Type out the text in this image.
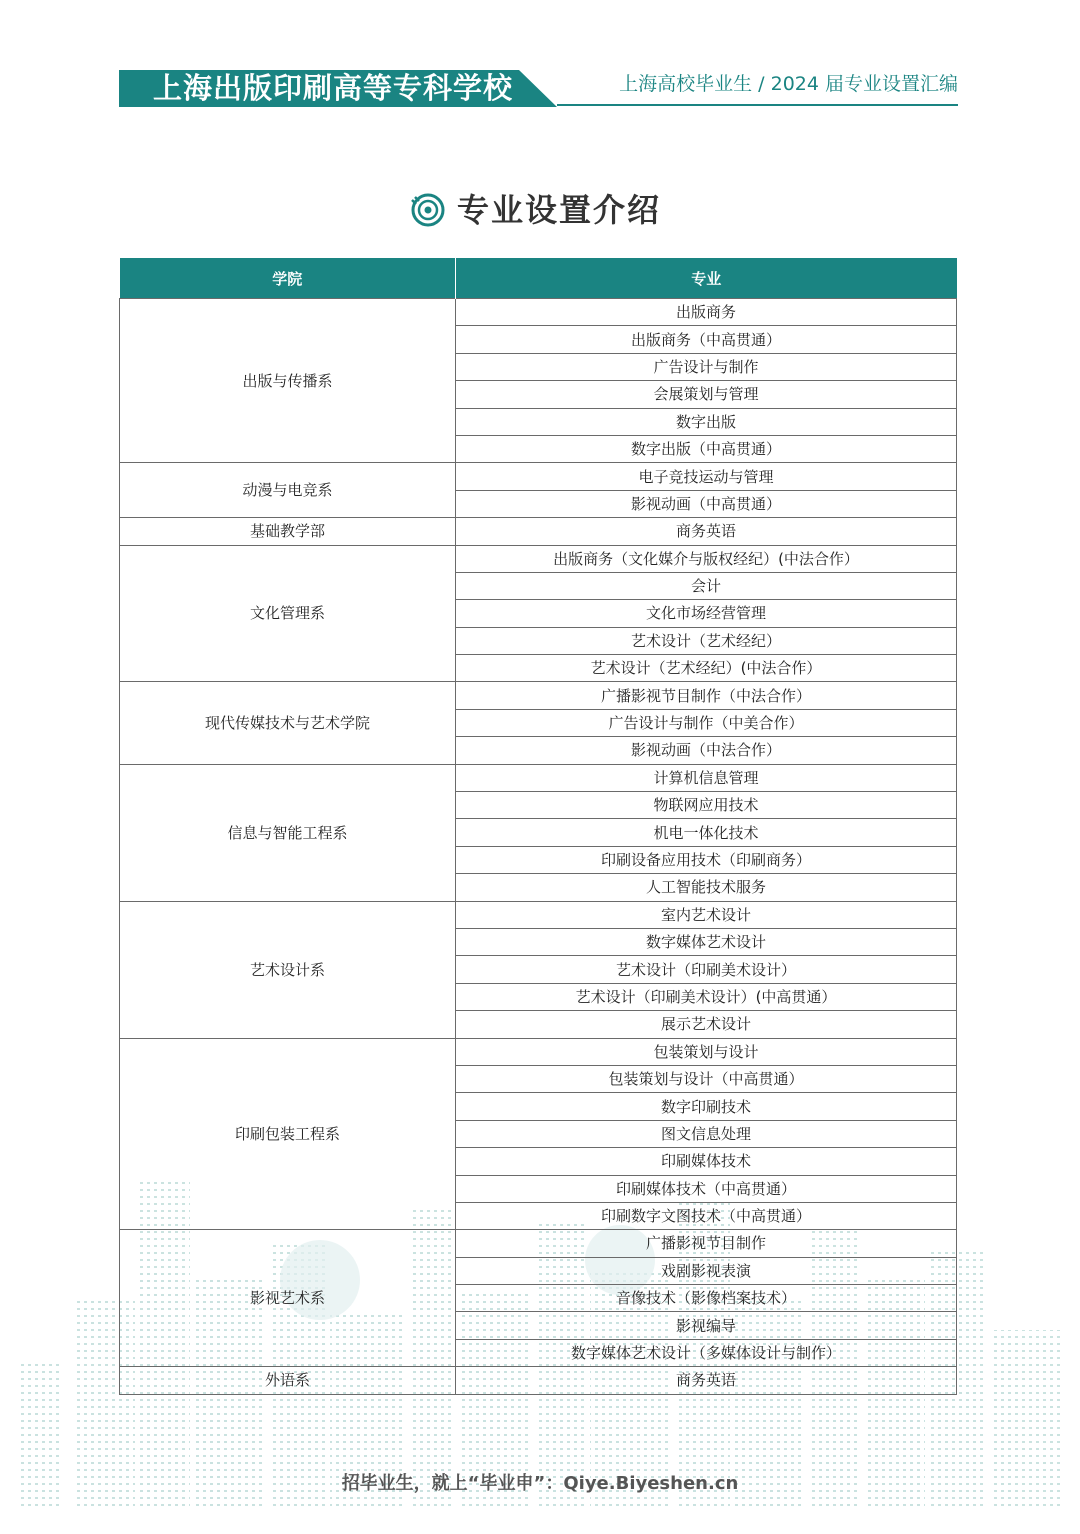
上海出版印刷高等专科学校	上海高校毕业生 / 2024 届专业设置汇编
专业设置介绍
学院	专业
出版与传播系	出版商务
	出版商务（中高贯通）
	广告设计与制作
	会展策划与管理
	数字出版
	数字出版（中高贯通）
动漫与电竞系	电子竞技运动与管理
	影视动画（中高贯通）
基础教学部	商务英语
文化管理系	出版商务（文化媒介与版权经纪）(中法合作）
	会计
	文化市场经营管理
	艺术设计（艺术经纪）
	艺术设计（艺术经纪）(中法合作）
现代传媒技术与艺术学院	广播影视节目制作（中法合作）
	广告设计与制作（中美合作）
	影视动画（中法合作）
信息与智能工程系	计算机信息管理
	物联网应用技术
	机电一体化技术
	印刷设备应用技术（印刷商务）
	人工智能技术服务
艺术设计系	室内艺术设计
	数字媒体艺术设计
	艺术设计（印刷美术设计）
	艺术设计（印刷美术设计）(中高贯通）
	展示艺术设计
印刷包装工程系	包装策划与设计
	包装策划与设计（中高贯通）
	数字印刷技术
	图文信息处理
	印刷媒体技术
	印刷媒体技术（中高贯通）
	印刷数字文图技术（中高贯通）
影视艺术系	广播影视节目制作
	戏剧影视表演
	音像技术（影像档案技术）
	影视编导
	数字媒体艺术设计（多媒体设计与制作）
外语系	商务英语
招毕业生，就上“毕业申”：Qiye.Biyeshen.cn
